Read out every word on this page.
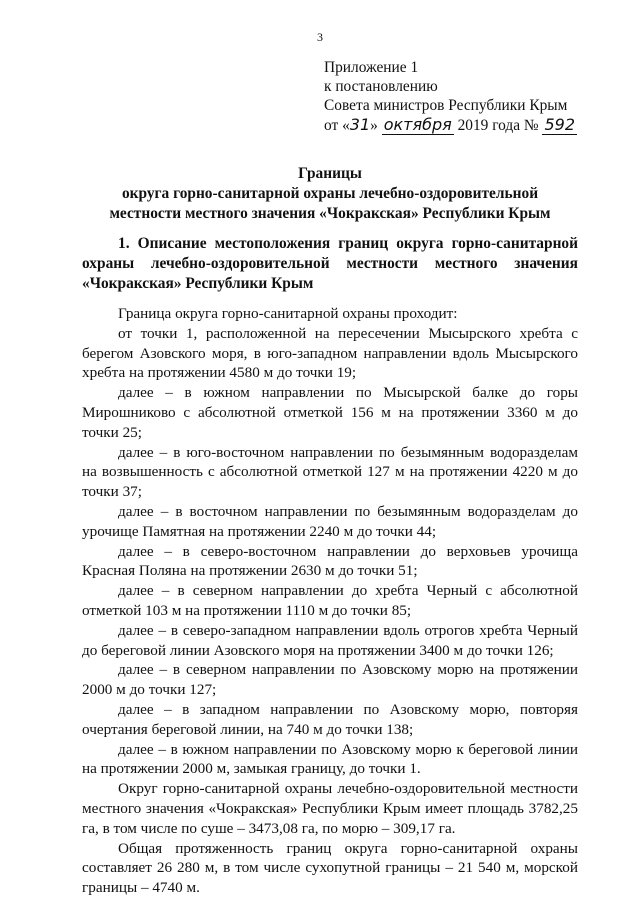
3
Приложение 1
к постановлению
Совета министров Республики Крым
от «31» октября 2019 года № 592
Границы
округа горно-санитарной охраны лечебно-оздоровительной
местности местного значения «Чокракская» Республики Крым
1. Описание местоположения границ округа горно-санитарной охраны лечебно-оздоровительной местности местного значения «Чокракская» Республики Крым

Граница округа горно-санитарной охраны проходит:

от точки 1, расположенной на пересечении Мысырского хребта с берегом Азовского моря, в юго-западном направлении вдоль Мысырского хребта на протяжении 4580 м до точки 19;

далее – в южном направлении по Мысырской балке до горы Мирошниково с абсолютной отметкой 156 м на протяжении 3360 м до точки 25;

далее – в юго-восточном направлении по безымянным водоразделам на возвышенность с абсолютной отметкой 127 м на протяжении 4220 м до точки 37;

далее – в восточном направлении по безымянным водоразделам до урочище Памятная на протяжении 2240 м до точки 44;

далее – в северо-восточном направлении до верховьев урочища Красная Поляна на протяжении 2630 м до точки 51;

далее – в северном направлении до хребта Черный с абсолютной отметкой 103 м на протяжении 1110 м до точки 85;

далее – в северо-западном направлении вдоль отрогов хребта Черный до береговой линии Азовского моря на протяжении 3400 м до точки 126;

далее – в северном направлении по Азовскому морю на протяжении 2000 м до точки 127;

далее – в западном направлении по Азовскому морю, повторяя очертания береговой линии, на 740 м до точки 138;

далее – в южном направлении по Азовскому морю к береговой линии на протяжении 2000 м, замыкая границу, до точки 1.

Округ горно-санитарной охраны лечебно-оздоровительной местности местного значения «Чокракская» Республики Крым имеет площадь 3782,25 га, в том числе по суше – 3473,08 га, по морю – 309,17 га.

Общая протяженность границ округа горно-санитарной охраны составляет 26 280 м, в том числе сухопутной границы – 21 540 м, морской границы – 4740 м.
